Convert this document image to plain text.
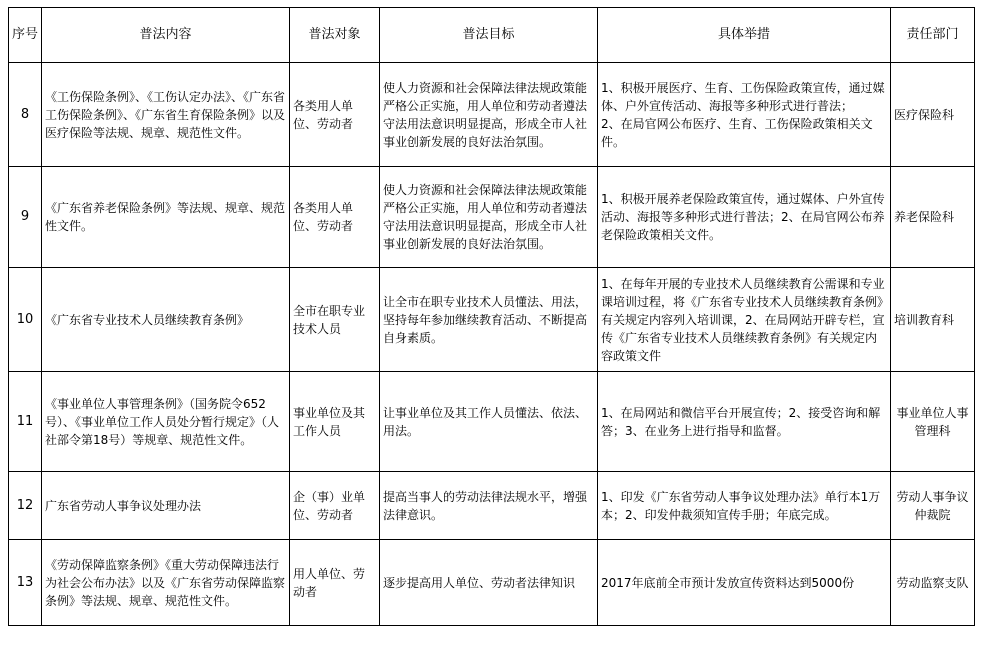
序号	普法内容	普法对象	普法目标	具体举措	责任部门
8	《工伤保险条例》、《工伤认定办法》、《广东省工伤保险条例》、《广东省生育保险条例》以及医疗保险等法规、规章、规范性文件。	各类用人单位、劳动者	使人力资源和社会保障法律法规政策能严格公正实施，用人单位和劳动者遵法守法用法意识明显提高，形成全市人社事业创新发展的良好法治氛围。	1、积极开展医疗、生育、工伤保险政策宣传，通过媒体、户外宣传活动、海报等多种形式进行普法；　　2、在局官网公布医疗、生育、工伤保险政策相关文件。	医疗保险科
9	《广东省养老保险条例》等法规、规章、规范性文件。	各类用人单位、劳动者	使人力资源和社会保障法律法规政策能严格公正实施，用人单位和劳动者遵法守法用法意识明显提高，形成全市人社事业创新发展的良好法治氛围。	1、积极开展养老保险政策宣传，通过媒体、户外宣传活动、海报等多种形式进行普法；2、在局官网公布养老保险政策相关文件。	养老保险科
10	《广东省专业技术人员继续教育条例》	全市在职专业技术人员	让全市在职专业技术人员懂法、用法，坚持每年参加继续教育活动、不断提高自身素质。	1、在每年开展的专业技术人员继续教育公需课和专业课培训过程，将《广东省专业技术人员继续教育条例》有关规定内容列入培训课，2、在局网站开辟专栏，宣传《广东省专业技术人员继续教育条例》有关规定内容政策文件	培训教育科
11	《事业单位人事管理条例》（国务院令652号）、《事业单位工作人员处分暂行规定》（人社部令第18号）等规章、规范性文件。	事业单位及其工作人员	让事业单位及其工作人员懂法、依法、用法。	1、在局网站和微信平台开展宣传；2、接受咨询和解答；3、在业务上进行指导和监督。	事业单位人事管理科
12	广东省劳动人事争议处理办法	企（事）业单位、劳动者	提高当事人的劳动法律法规水平，增强法律意识。	1、印发《广东省劳动人事争议处理办法》单行本1万本；2、印发仲裁须知宣传手册；年底完成。	劳动人事争议仲裁院
13	《劳动保障监察条例》《重大劳动保障违法行为社会公布办法》以及《广东省劳动保障监察条例》等法规、规章、规范性文件。	用人单位、劳动者	逐步提高用人单位、劳动者法律知识	2017年底前全市预计发放宣传资料达到5000份	劳动监察支队
